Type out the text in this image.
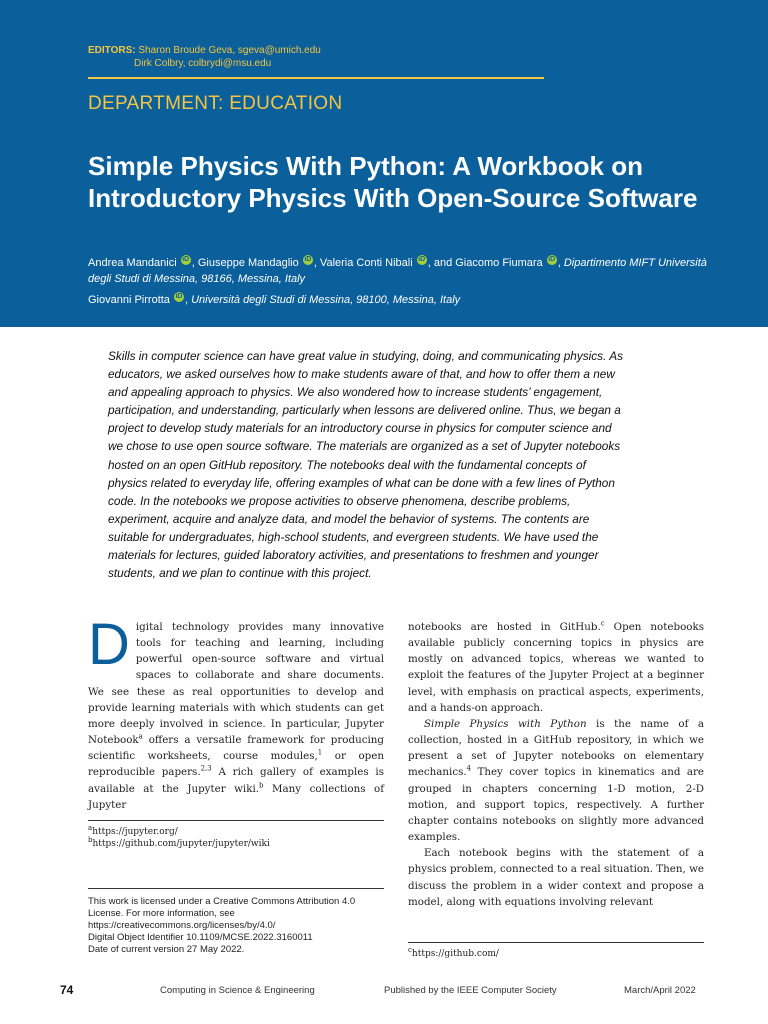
EDITORS: Sharon Broude Geva, sgeva@umich.edu
Dirk Colbry, colbrydi@msu.edu
DEPARTMENT: EDUCATION
Simple Physics With Python: A Workbook on Introductory Physics With Open-Source Software

Andrea Mandanici iD , Giuseppe Mandaglio iD , Valeria Conti Nibali iD , and Giacomo Fiumara iD , Dipartimento MIFT Università degli Studi di Messina, 98166, Messina, Italy

Giovanni Pirrotta iD , Università degli Studi di Messina, 98100, Messina, Italy

Skills in computer science can have great value in studying, doing, and communicating physics. As educators, we asked ourselves how to make students aware of that, and how to offer them a new and appealing approach to physics. We also wondered how to increase students’ engagement, participation, and understanding, particularly when lessons are delivered online. Thus, we began a project to develop study materials for an introductory course in physics for computer science and we chose to use open source software. The materials are organized as a set of Jupyter notebooks hosted on an open GitHub repository. The notebooks deal with the fundamental concepts of physics related to everyday life, offering examples of what can be done with a few lines of Python code. In the notebooks we propose activities to observe phenomena, describe problems, experiment, acquire and analyze data, and model the behavior of systems. The contents are suitable for undergraduates, high-school students, and evergreen students. We have used the materials for lectures, guided laboratory activities, and presentations to freshmen and younger students, and we plan to continue with this project.

Digital technology provides many innovative tools for teaching and learning, including powerful open-source software and virtual spaces to collaborate and share documents. We see these as real opportunities to develop and provide learning materials with which students can get more deeply involved in science. In particular, Jupyter Notebook$^a$ offers a versatile framework for producing scientific worksheets, course modules,$^1$ or open reproducible papers.$^{2,3}$ A rich gallery of examples is available at the Jupyter wiki.$^b$ Many collections of Jupyter

$^a$https://jupyter.org/
$^b$https://github.com/jupyter/jupyter/wiki
This work is licensed under a Creative Commons Attribution 4.0 License. For more information, see https://creativecommons.org/licenses/by/4.0/
Digital Object Identifier 10.1109/MCSE.2022.3160011
Date of current version 27 May 2022.

notebooks are hosted in GitHub.$^c$ Open notebooks available publicly concerning topics in physics are mostly on advanced topics, whereas we wanted to exploit the features of the Jupyter Project at a beginner level, with emphasis on practical aspects, experiments, and a hands-on approach.

Simple Physics with Python is the name of a collection, hosted in a GitHub repository, in which we present a set of Jupyter notebooks on elementary mechanics.$^4$ They cover topics in kinematics and are grouped in chapters concerning 1-D motion, 2-D motion, and support topics, respectively. A further chapter contains notebooks on slightly more advanced examples.

Each notebook begins with the statement of a physics problem, connected to a real situation. Then, we discuss the problem in a wider context and propose a model, along with equations involving relevant

$^c$https://github.com/
74	Computing in Science & Engineering	Published by the IEEE Computer Society	March/April 2022
